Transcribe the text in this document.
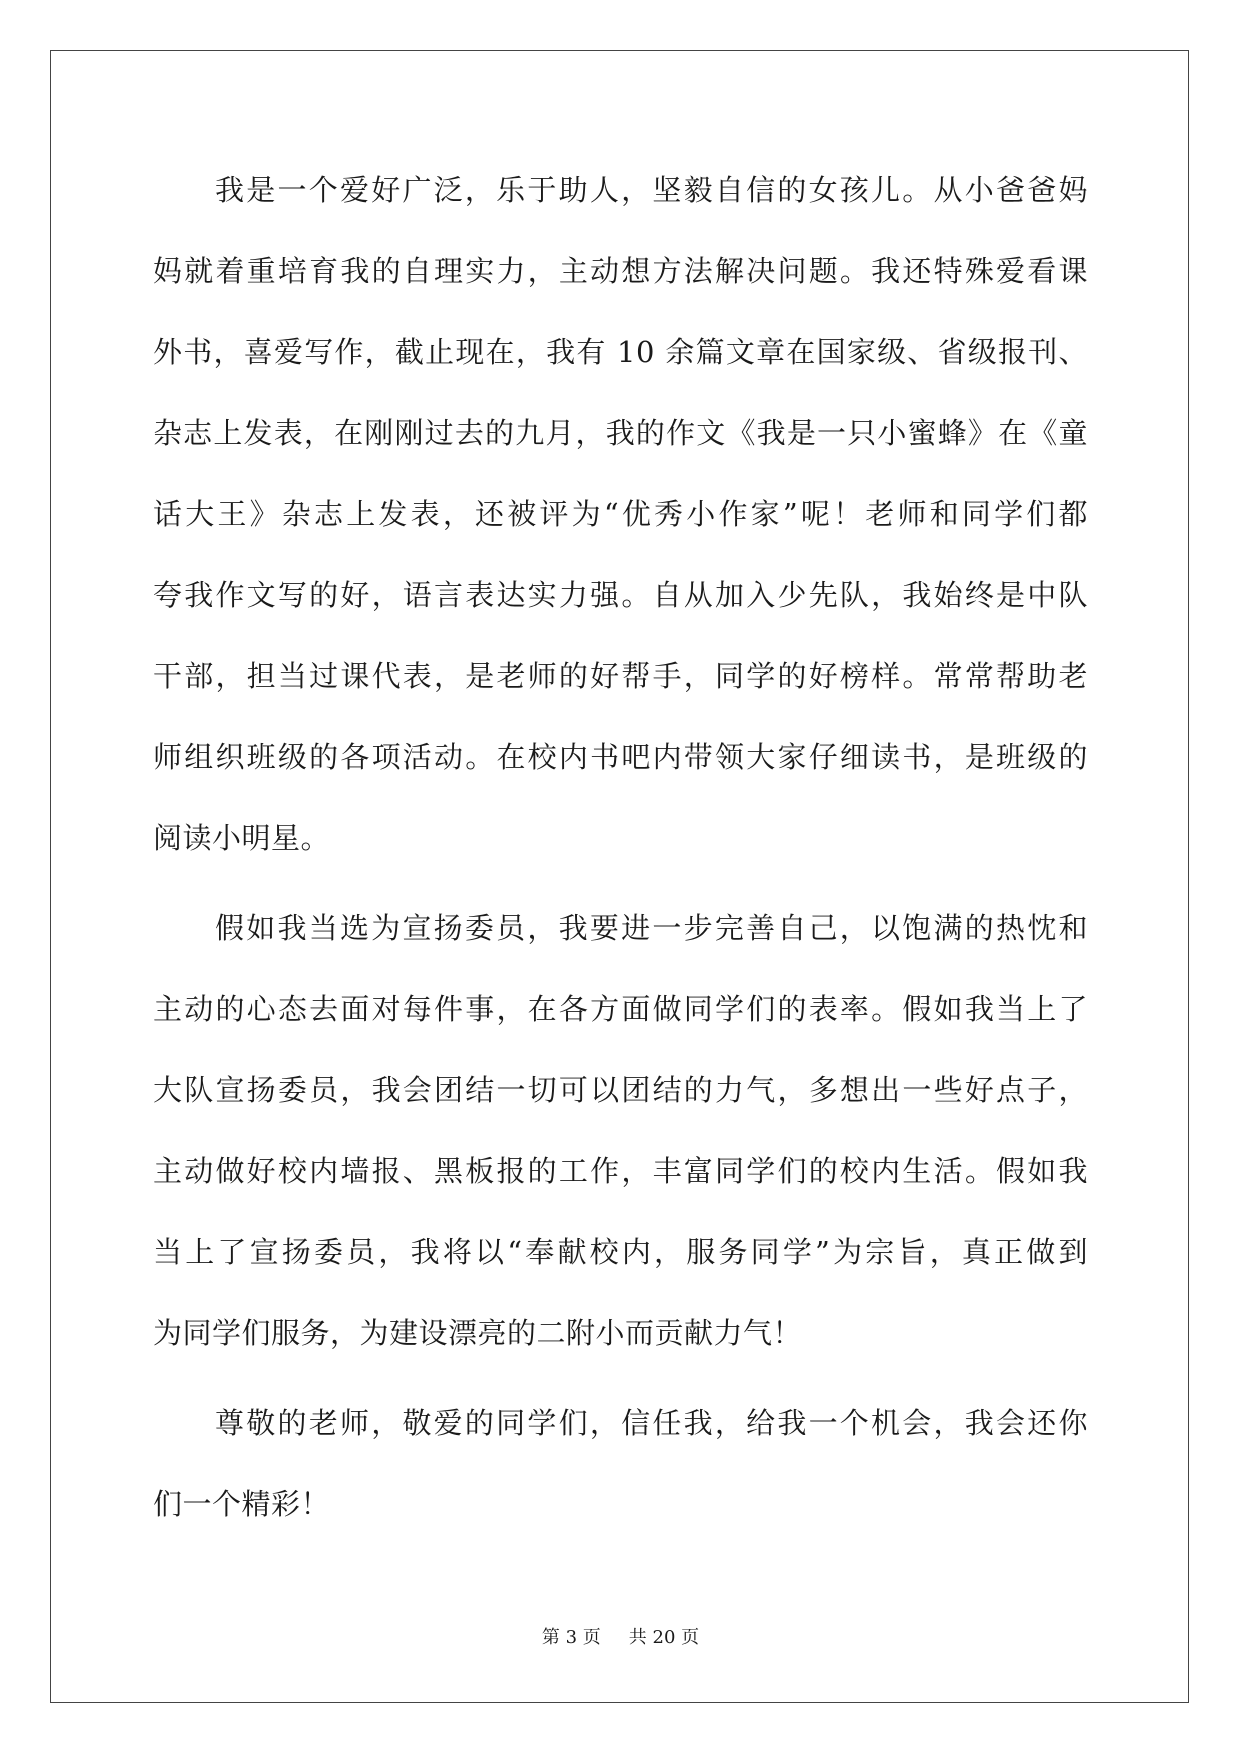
我是一个爱好广泛，乐于助人，坚毅自信的女孩儿。从小爸爸妈
妈就着重培育我的自理实力，主动想方法解决问题。我还特殊爱看课
外书，喜爱写作，截止现在，我有 10 余篇文章在国家级、省级报刊、
杂志上发表，在刚刚过去的九月，我的作文《我是一只小蜜蜂》在《童
话大王》杂志上发表，还被评为“优秀小作家”呢！老师和同学们都
夸我作文写的好，语言表达实力强。自从加入少先队，我始终是中队
干部，担当过课代表，是老师的好帮手，同学的好榜样。常常帮助老
师组织班级的各项活动。在校内书吧内带领大家仔细读书，是班级的
阅读小明星。
假如我当选为宣扬委员，我要进一步完善自己，以饱满的热忱和
主动的心态去面对每件事，在各方面做同学们的表率。假如我当上了
大队宣扬委员，我会团结一切可以团结的力气，多想出一些好点子，
主动做好校内墙报、黑板报的工作，丰富同学们的校内生活。假如我
当上了宣扬委员，我将以“奉献校内，服务同学”为宗旨，真正做到
为同学们服务，为建设漂亮的二附小而贡献力气！
尊敬的老师，敬爱的同学们，信任我，给我一个机会，我会还你
们一个精彩！
第 3 页 共 20 页
